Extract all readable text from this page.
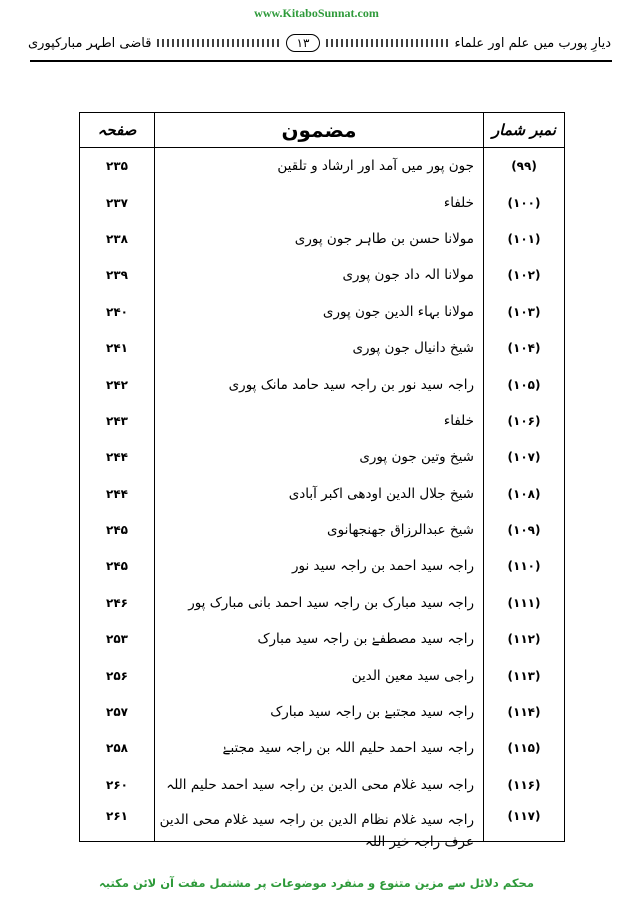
www.KitaboSunnat.com
دیارِ پورب میں علم اور علماء
۱۳
قاضی اطہر مبارکپوری
نمبر شمار
مضمون
صفحہ
(۹۹)
جون پور میں آمد اور ارشاد و تلقین
۲۳۵
(۱۰۰)
خلفاء
۲۳۷
(۱۰۱)
مولانا حسن بن طاہر جون پوری
۲۳۸
(۱۰۲)
مولانا الہ داد جون پوری
۲۳۹
(۱۰۳)
مولانا بہاء الدین جون پوری
۲۴۰
(۱۰۴)
شیخ دانیال جون پوری
۲۴۱
(۱۰۵)
راجہ سید نور بن راجہ سید حامد مانک پوری
۲۴۲
(۱۰۶)
خلفاء
۲۴۳
(۱۰۷)
شیخ وتین جون پوری
۲۴۴
(۱۰۸)
شیخ جلال الدین اودھی اکبر آبادی
۲۴۴
(۱۰۹)
شیخ عبدالرزاق جھنجھانوی
۲۴۵
(۱۱۰)
راجہ سید احمد بن راجہ سید نور
۲۴۵
(۱۱۱)
راجہ سید مبارک بن راجہ سید احمد بانی مبارک پور
۲۴۶
(۱۱۲)
راجہ سید مصطفےٰ بن راجہ سید مبارک
۲۵۳
(۱۱۳)
راجی سید معین الدین
۲۵۶
(۱۱۴)
راجہ سید مجتبےٰ بن راجہ سید مبارک
۲۵۷
(۱۱۵)
راجہ سید احمد حلیم اللہ بن راجہ سید مجتبےٰ
۲۵۸
(۱۱۶)
راجہ سید غلام محی الدین بن راجہ سید احمد حلیم اللہ
۲۶۰
(۱۱۷)
راجہ سید غلام نظام الدین بن راجہ سید غلام محی الدین
عرف راجہ خیر اللہ
۲۶۱
محکم دلائل سے مزین متنوع و منفرد موضوعات پر مشتمل مفت آن لائن مکتبہ
